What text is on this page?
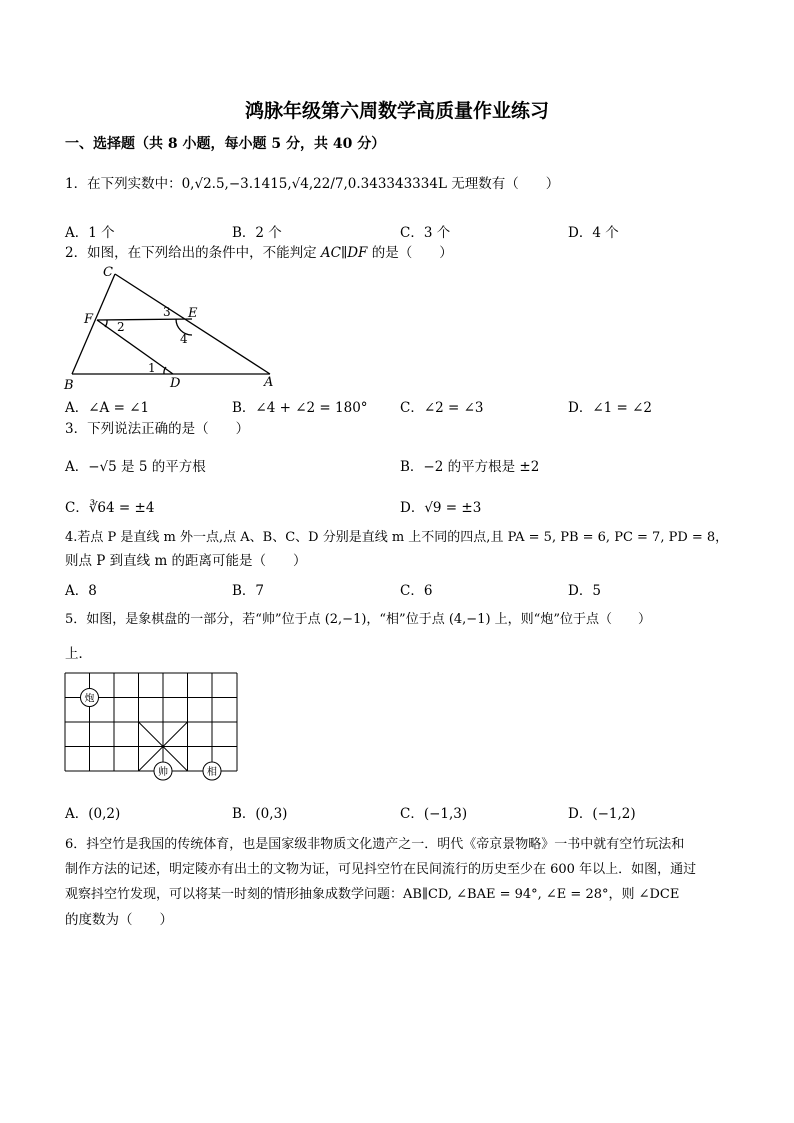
鸿脉年级第六周数学高质量作业练习
一、选择题（共 8 小题，每小题 5 分，共 40 分）
1．在下列实数中：0,√2.5,−3.1415,√4,22/7,0.343343334L 无理数有（　　）
A．1 个	B．2 个	C．3 个	D．4 个
2．如图，在下列给出的条件中，不能判定 AC∥DF 的是（　　）
C
F	E
B	D	A
1
2
3
4
A．∠A = ∠1	B．∠4 + ∠2 = 180° C．∠2 = ∠3	D．∠1 = ∠2
3．下列说法正确的是（　　）
A．−√5 是 5 的平方根	B．−2 的平方根是 ±2
C．∛64 = ±4	D．√9 = ±3
4.若点 P 是直线 m 外一点,点 A、B、C、D 分别是直线 m 上不同的四点,且 PA = 5, PB = 6, PC = 7, PD = 8，
则点 P 到直线 m 的距离可能是（　　）
A．8	B．7	C．6	D．5
5．如图，是象棋盘的一部分，若“帅”位于点 (2,−1)，“相”位于点 (4,−1) 上，则“炮”位于点（　　）
上．
炮
帅	相
A．(0,2)	B．(0,3)	C．(−1,3)	D．(−1,2)
6．抖空竹是我国的传统体育，也是国家级非物质文化遗产之一．明代《帝京景物略》一书中就有空竹玩法和
制作方法的记述，明定陵亦有出土的文物为证，可见抖空竹在民间流行的历史至少在 600 年以上．如图，通过
观察抖空竹发现，可以将某一时刻的情形抽象成数学问题：AB∥CD, ∠BAE = 94°, ∠E = 28°，则 ∠DCE
的度数为（　　）
